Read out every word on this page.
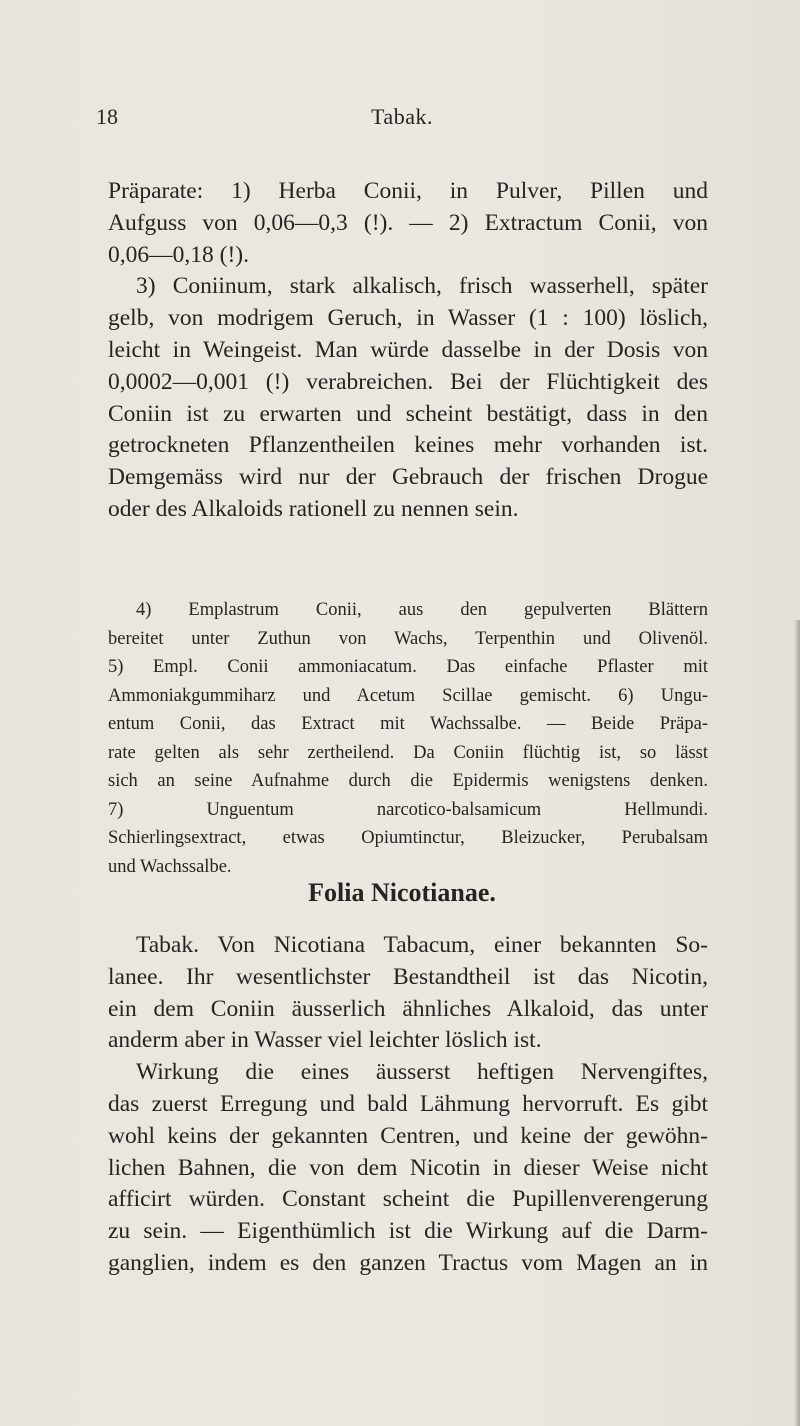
18	Tabak.
Präparate: 1) Herba Conii, in Pulver, Pillen und
Aufguss von 0,06—0,3 (!). — 2) Extractum Conii, von
0,06—0,18 (!).
3) Coniinum, stark alkalisch, frisch wasserhell, später
gelb, von modrigem Geruch, in Wasser (1 : 100) löslich,
leicht in Weingeist. Man würde dasselbe in der Dosis von
0,0002—0,001 (!) verabreichen. Bei der Flüchtigkeit des
Coniin ist zu erwarten und scheint bestätigt, dass in den
getrockneten Pflanzentheilen keines mehr vorhanden ist.
Demgemäss wird nur der Gebrauch der frischen Drogue
oder des Alkaloids rationell zu nennen sein.
4) Emplastrum Conii, aus den gepulverten Blättern
bereitet unter Zuthun von Wachs, Terpenthin und Olivenöl.
5) Empl. Conii ammoniacatum. Das einfache Pflaster mit
Ammoniakgummiharz und Acetum Scillae gemischt. 6) Ungu-
entum Conii, das Extract mit Wachssalbe. — Beide Präpa-
rate gelten als sehr zertheilend. Da Coniin flüchtig ist, so lässt
sich an seine Aufnahme durch die Epidermis wenigstens denken.
7) Unguentum narcotico-balsamicum Hellmundi.
Schierlingsextract, etwas Opiumtinctur, Bleizucker, Perubalsam
und Wachssalbe.
Folia Nicotianae.
Tabak. Von Nicotiana Tabacum, einer bekannten So-
lanee. Ihr wesentlichster Bestandtheil ist das Nicotin,
ein dem Coniin äusserlich ähnliches Alkaloid, das unter
anderm aber in Wasser viel leichter löslich ist.
Wirkung die eines äusserst heftigen Nervengiftes,
das zuerst Erregung und bald Lähmung hervorruft. Es gibt
wohl keins der gekannten Centren, und keine der gewöhn-
lichen Bahnen, die von dem Nicotin in dieser Weise nicht
afficirt würden. Constant scheint die Pupillenverengerung
zu sein. — Eigenthümlich ist die Wirkung auf die Darm-
ganglien, indem es den ganzen Tractus vom Magen an in
